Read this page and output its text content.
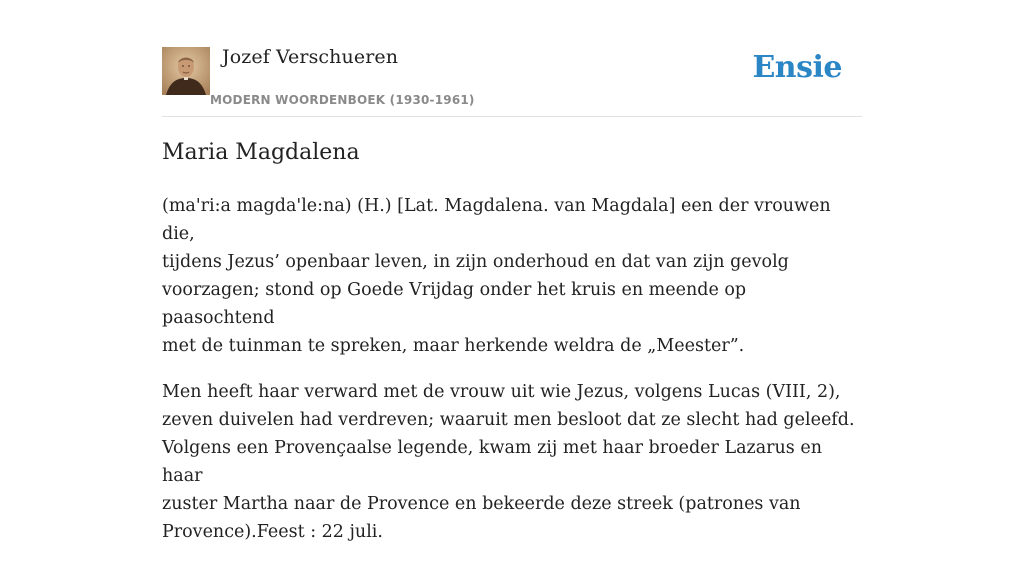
Jozef Verschueren
MODERN WOORDENBOEK (1930-1961)
Ensie
Maria Magdalena

(ma'ri:a magda'le:na) (H.) [Lat. Magdalena. van Magdala] een der vrouwen die,
tijdens Jezus’ openbaar leven, in zijn onderhoud en dat van zijn gevolg
voorzagen; stond op Goede Vrijdag onder het kruis en meende op paasochtend
met de tuinman te spreken, maar herkende weldra de „Meester”.

Men heeft haar verward met de vrouw uit wie Jezus, volgens Lucas (VIII, 2),
zeven duivelen had verdreven; waaruit men besloot dat ze slecht had geleefd.
Volgens een Provençaalse legende, kwam zij met haar broeder Lazarus en haar
zuster Martha naar de Provence en bekeerde deze streek (patrones van
Provence).Feest : 22 juli.
